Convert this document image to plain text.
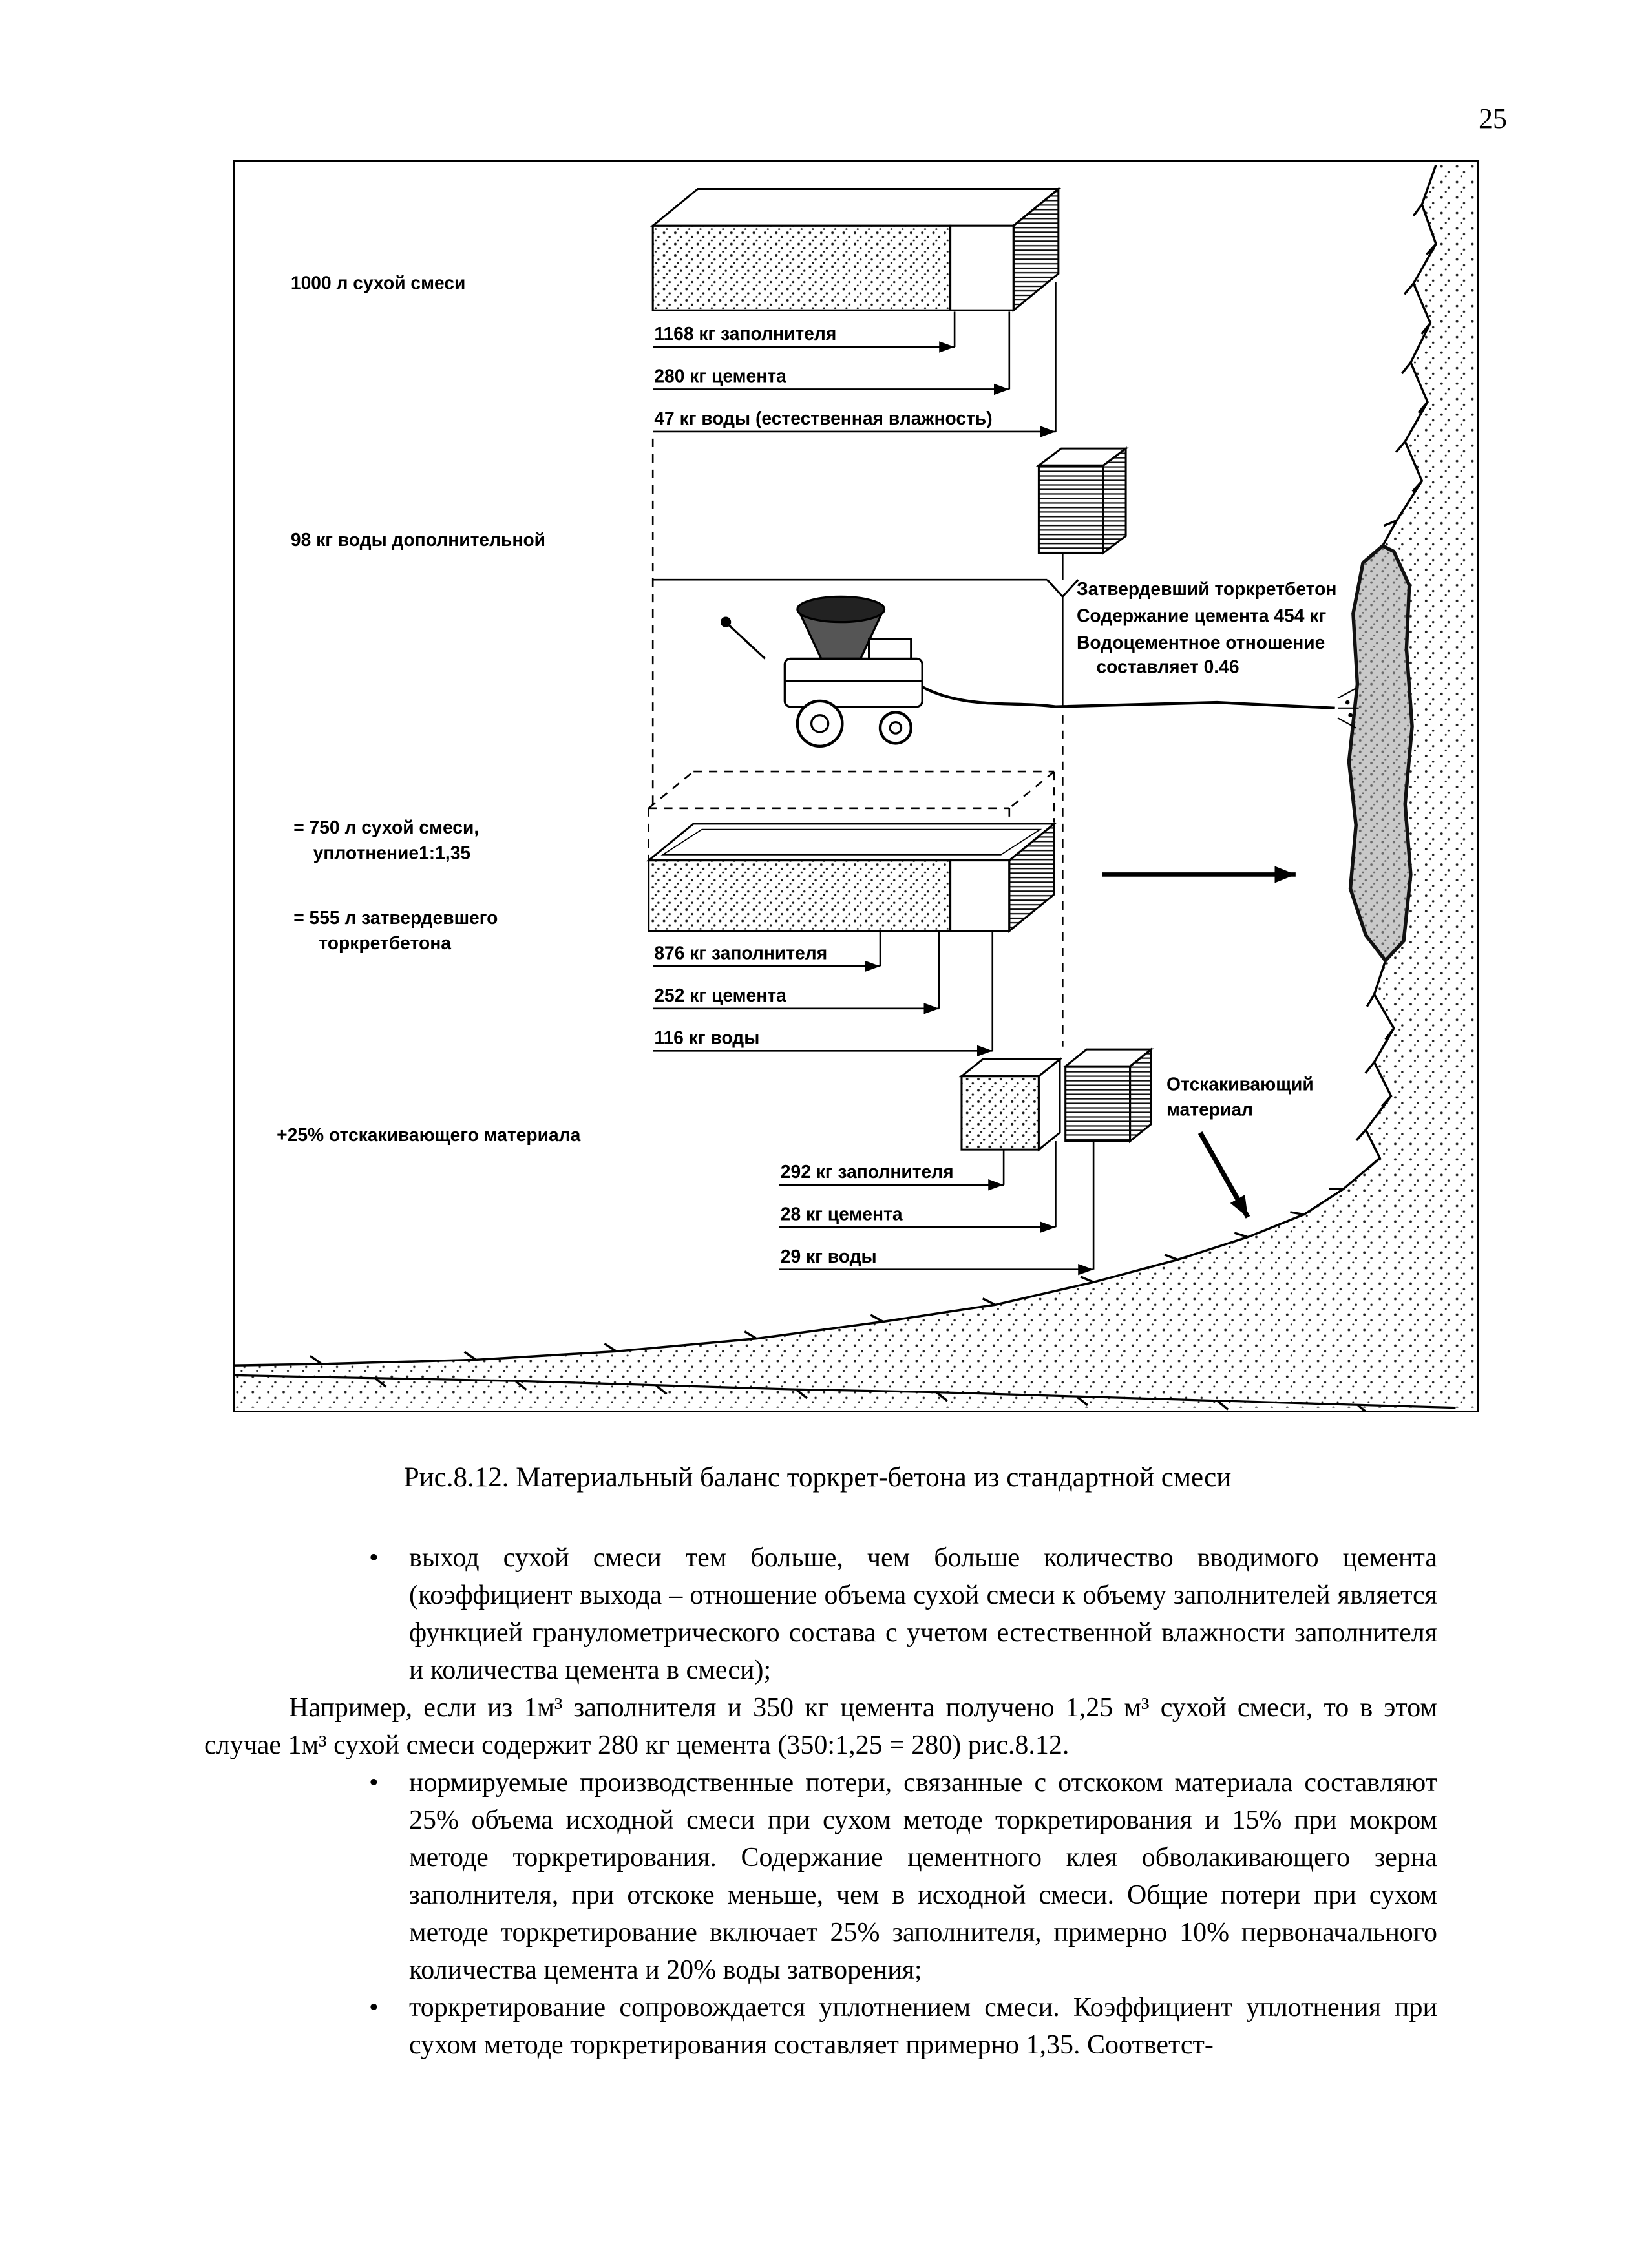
25
1000 л сухой смеси
1168 кг заполнителя
280 кг цемента
47 кг воды (естественная влажность)
98 кг воды дополнительной
Затвердевший торкретбетон
Содержание цемента 454 кг
Водоцементное отношение
составляет 0.46
= 750 л сухой смеси,
уплотнение1:1,35
= 555 л затвердевшего
торкретбетона	876 кг заполнителя
252 кг цемента
116 кг воды
Отскакивающий
материал
+25% отскакивающего материала
292 кг заполнителя
28 кг цемента
29 кг воды
Рис.8.12. Материальный баланс торкрет-бетона из стандартной смеси
•	выход сухой смеси тем больше, чем больше количество вводимого цемента (коэффициент выхода – отношение объема сухой смеси к объему заполнителей является функцией гранулометрического состава с учетом естественной влажности заполнителя и количества цемента в смеси);
Например, если из 1м³ заполнителя и 350 кг цемента получено 1,25 м³ сухой смеси, то в этом случае 1м³ сухой смеси содержит 280 кг цемента (350:1,25 = 280) рис.8.12.
•	нормируемые производственные потери, связанные с отскоком материала составляют 25% объема исходной смеси при сухом методе торкретирования и 15% при мокром методе торкретирования. Содержание цементного клея обволакивающего зерна заполнителя, при отскоке меньше, чем в исходной смеси. Общие потери при сухом методе торкретирование включает 25% заполнителя, примерно 10% первоначального количества цемента и 20% воды затворения;
•	торкретирование сопровождается уплотнением смеси. Коэффициент уплотнения при сухом методе торкретирования составляет примерно 1,35. Соответст-
